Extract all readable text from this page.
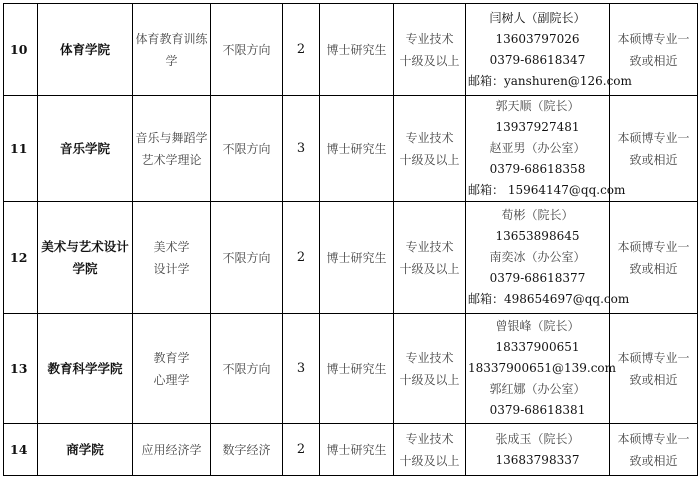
10	体育学院	体育教育训练学	不限方向	2	博士研究生	专业技术
十级及以上	闫树人（副院长）
13603797026
0379-68618347
邮箱：yanshuren@126.com	本硕博专业一
致或相近

11	音乐学院	音乐与舞蹈学
艺术学理论	不限方向	3	博士研究生	专业技术
十级及以上	郭天顺（院长）
13937927481
赵亚男（办公室）
0379-68618358
邮箱： 15964147@qq.com	本硕博专业一
致或相近

12	美术与艺术设计
学院	美术学
设计学	不限方向	2	博士研究生	专业技术
十级及以上	荀彬（院长）
13653898645
南奕冰（办公室）
0379-68618377
邮箱：498654697@qq.com	本硕博专业一
致或相近

13	教育科学学院	教育学
心理学	不限方向	3	博士研究生	专业技术
十级及以上	曾银峰（院长）
18337900651
18337900651@139.com
郭红娜（办公室）
0379-68618381	本硕博专业一
致或相近

14	商学院	应用经济学	数字经济	2	博士研究生	专业技术
十级及以上	张成玉（院长）
13683798337	本硕博专业一
致或相近
